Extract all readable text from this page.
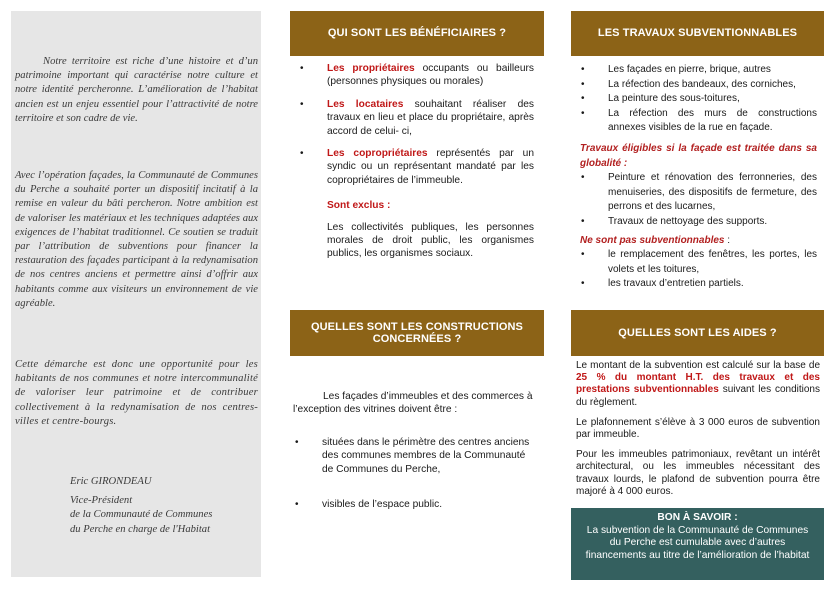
Notre territoire est riche d’une histoire et d’un patrimoine important qui caractérise notre culture et notre identité percheronne. L’amélioration de l’habitat ancien est un enjeu essentiel pour l’attractivité de notre territoire et son cadre de vie.

Avec l’opération façades, la Communauté de Communes du Perche a souhaité porter un dispositif incitatif à la remise en valeur du bâti percheron. Notre ambition est de valoriser les matériaux et les techniques adaptées aux exigences de l’habitat traditionnel. Ce soutien se traduit par l’attribution de subventions pour financer la restauration des façades participant à la redynamisation de nos centres anciens et permettre ainsi d’offrir aux habitants comme aux visiteurs un environnement de vie agréable.

Cette démarche est donc une opportunité pour les habitants de nos communes et notre intercommunalité de valoriser leur patrimoine et de contribuer collectivement à la redynamisation de nos centres-villes et centre-bourgs.

Eric GIRONDEAU
Vice-Président
de la Communauté de Communes
du Perche en charge de l'Habitat
QUI SONT LES BÉNÉFICIAIRES ?
• Les propriétaires occupants ou bailleurs (personnes physiques ou morales)
• Les locataires souhaitant réaliser des travaux en lieu et place du propriétaire, après accord de celui- ci,
• Les copropriétaires représentés par un syndic ou un représentant mandaté par les copropriétaires de l’immeuble.
Sont exclus :
Les collectivités publiques, les personnes morales de droit public, les organismes publics, les organismes sociaux.
QUELLES SONT LES CONSTRUCTIONS CONCERNÉES ?
Les façades d’immeubles et des commerces à l’exception des vitrines doivent être :
• situées dans le périmètre des centres anciens des communes membres de la Communauté de Communes du Perche,
• visibles de l’espace public.
LES TRAVAUX SUBVENTIONNABLES
• Les façades en pierre, brique, autres
• La réfection des bandeaux, des corniches,
• La peinture des sous-toitures,
• La réfection des murs de constructions annexes visibles de la rue en façade.
Travaux éligibles si la façade est traitée dans sa globalité :
• Peinture et rénovation des ferronneries, des menuiseries, des dispositifs de fermeture, des perrons et des lucarnes,
• Travaux de nettoyage des supports.
Ne sont pas subventionnables :
• le remplacement des fenêtres, les portes, les volets et les toitures,
• les travaux d’entretien partiels.
QUELLES SONT LES AIDES ?
Le montant de la subvention est calculé sur la base de 25 % du montant H.T. des travaux et des prestations subventionnables suivant les conditions du règlement.
Le plafonnement s’élève à 3 000 euros de subvention par immeuble.
Pour les immeubles patrimoniaux, revêtant un intérêt architectural, ou les immeubles nécessitant des travaux lourds, le plafond de subvention pourra être majoré à 4 000 euros.
BON À SAVOIR :
La subvention de la Communauté de Communes du Perche est cumulable avec d’autres financements au titre de l’amélioration de l’habitat
